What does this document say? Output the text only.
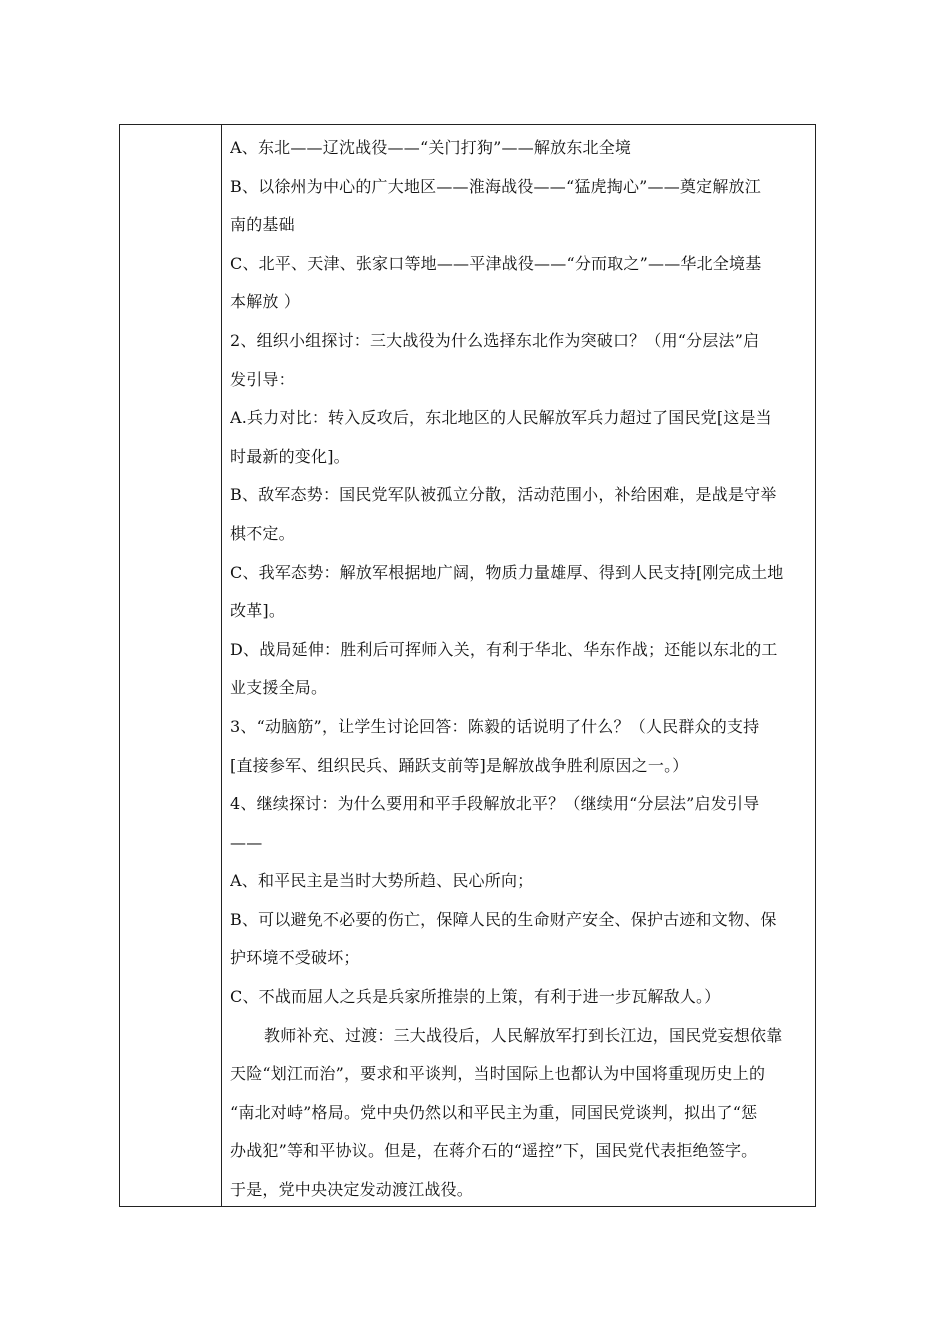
A、东北——辽沈战役——“关门打狗”——解放东北全境
B、以徐州为中心的广大地区——淮海战役——“猛虎掏心”——奠定解放江
南的基础
C、北平、天津、张家口等地——平津战役——“分而取之”——华北全境基
本解放 ）
2、组织小组探讨：三大战役为什么选择东北作为突破口？（用“分层法”启
发引导：
A.兵力对比：转入反攻后，东北地区的人民解放军兵力超过了国民党[这是当
时最新的变化]。
B、敌军态势：国民党军队被孤立分散，活动范围小，补给困难，是战是守举
棋不定。
C、我军态势：解放军根据地广阔，物质力量雄厚、得到人民支持[刚完成土地
改革]。
D、战局延伸：胜利后可挥师入关，有利于华北、华东作战；还能以东北的工
业支援全局。
3、“动脑筋”，让学生讨论回答：陈毅的话说明了什么？（人民群众的支持
[直接参军、组织民兵、踊跃支前等]是解放战争胜利原因之一。）
4、继续探讨：为什么要用和平手段解放北平？（继续用“分层法”启发引导
——
A、和平民主是当时大势所趋、民心所向；
B、可以避免不必要的伤亡，保障人民的生命财产安全、保护古迹和文物、保
护环境不受破坏；
C、不战而屈人之兵是兵家所推崇的上策，有利于进一步瓦解敌人。）
教师补充、过渡：三大战役后，人民解放军打到长江边，国民党妄想依靠
天险“划江而治”，要求和平谈判，当时国际上也都认为中国将重现历史上的
“南北对峙”格局。党中央仍然以和平民主为重，同国民党谈判，拟出了“惩
办战犯”等和平协议。但是，在蒋介石的“遥控”下，国民党代表拒绝签字。
于是，党中央决定发动渡江战役。
